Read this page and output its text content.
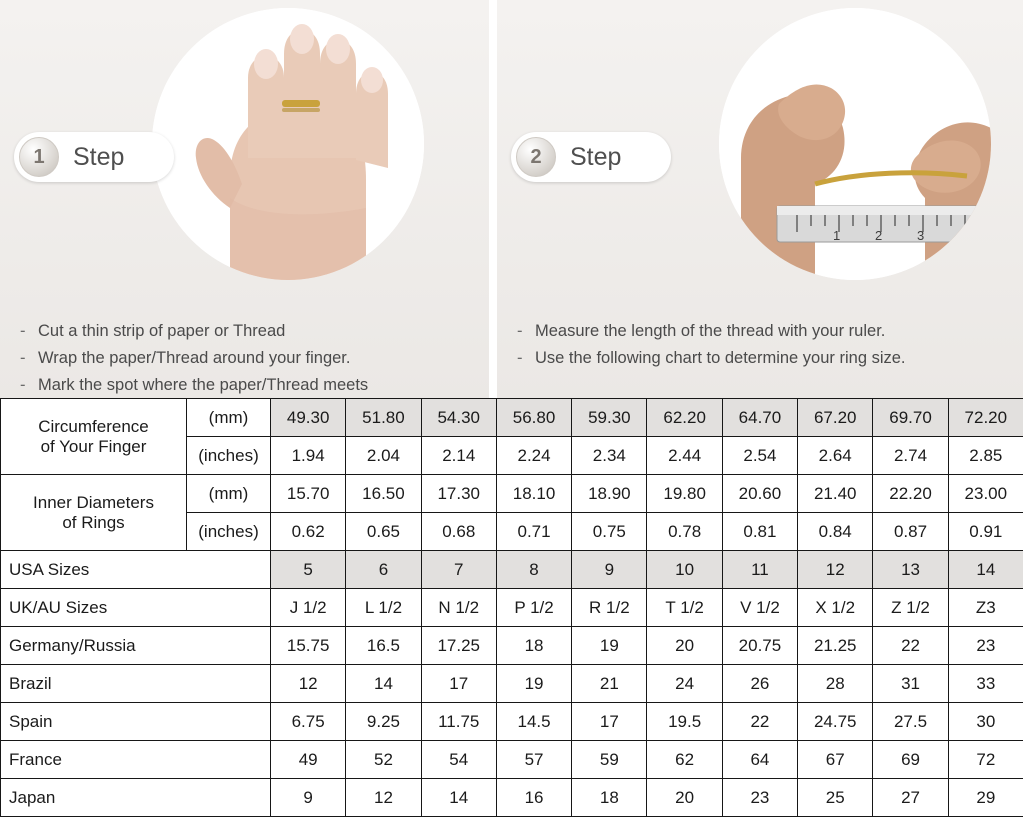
1	Step
- Cut a thin strip of paper or Thread
- Wrap the paper/Thread around your finger.
- Mark the spot where the paper/Thread meets
1	2	3
2	Step
- Measure the length of the thread with your ruler.
- Use the following chart to determine your ring size.
Circumference
of Your Finger	(mm)	49.30	51.80	54.30	56.80	59.30	62.20	64.70	67.20	69.70	72.20
	(inches)	1.94	2.04	2.14	2.24	2.34	2.44	2.54	2.64	2.74	2.85

Inner Diameters
of Rings	(mm)	15.70	16.50	17.30	18.10	18.90	19.80	20.60	21.40	22.20	23.00
	(inches)	0.62	0.65	0.68	0.71	0.75	0.78	0.81	0.84	0.87	0.91
USA Sizes		5	6	7	8	9	10	11	12	13	14
UK/AU Sizes		J 1/2	L 1/2	N 1/2	P 1/2	R 1/2	T 1/2	V 1/2	X 1/2	Z 1/2	Z3
Germany/Russia		15.75	16.5	17.25	18	19	20	20.75	21.25	22	23
Brazil		12	14	17	19	21	24	26	28	31	33
Spain		6.75	9.25	11.75	14.5	17	19.5	22	24.75	27.5	30
France		49	52	54	57	59	62	64	67	69	72
Japan		9	12	14	16	18	20	23	25	27	29
